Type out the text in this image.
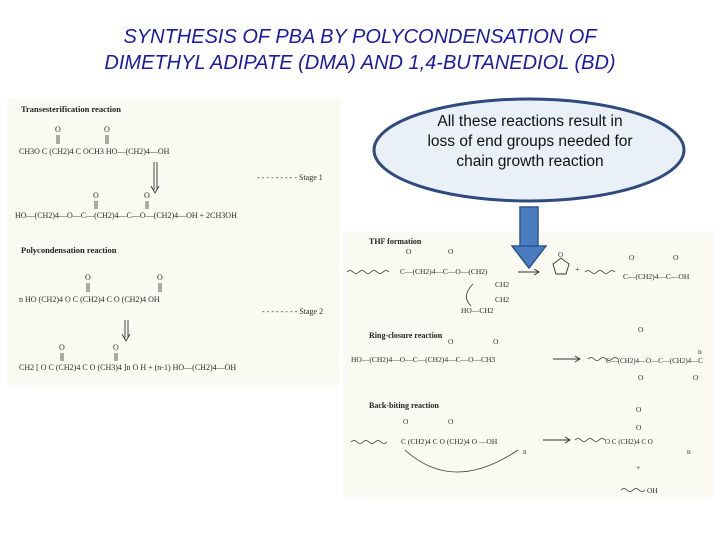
SYNTHESIS OF PBA BY POLYCONDENSATION OF
DIMETHYL ADIPATE (DMA) AND 1,4-BUTANEDIOL (BD)
Transesterification reaction
O	O
CH3O C (CH2)4 C OCH3 HO—(CH2)4—OH
- - - - - - - - - Stage 1
O	O
HO—(CH2)4—O—C—(CH2)4—C—O—(CH2)4—OH + 2CH3OH
Polycondensation reaction
O	O
n HO (CH2)4 O C (CH2)4 C O (CH2)4 OH
- - - - - - - - Stage 2
O	O
CH2 [ O C (CH2)4 C O (CH3)4 ]n O H + (n-1) HO—(CH2)4—OH
THF formation
O	O
C—(CH2)4—C—O—(CH2)
CH2
CH2
HO—CH2
O
+
O	O
C—(CH2)4—C—OH
Ring-closure reaction
O	O
HO—(CH2)4—O—C—(CH2)4—C—O—CH3
O
n
O	O
C—(CH2)4—O—C—(CH2)4—C
Back-biting reaction
O	O
C (CH2)4 C O (CH2)4 O —OH
n
O
O
n
O C (CH2)4 C O
+
OH
All these reactions result in
loss of end groups needed for
chain growth reaction
